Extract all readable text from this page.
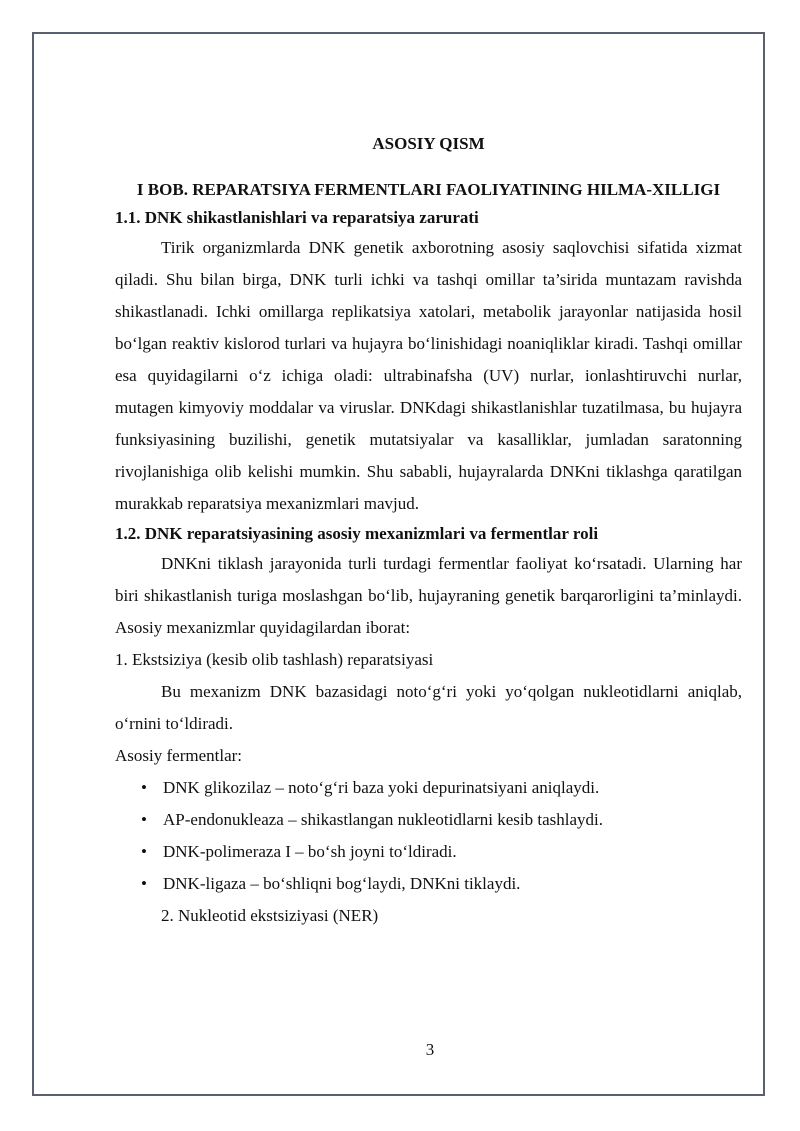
ASOSIY QISM

I BOB. REPARATSIYA FERMENTLARI FAOLIYATINING HILMA-XILLIGI

1.1. DNK shikastlanishlari va reparatsiya zarurati

Tirik organizmlarda DNK genetik axborotning asosiy saqlovchisi sifatida xizmat qiladi. Shu bilan birga, DNK turli ichki va tashqi omillar ta’sirida muntazam ravishda shikastlanadi. Ichki omillarga replikatsiya xatolari, metabolik jarayonlar natijasida hosil bo‘lgan reaktiv kislorod turlari va hujayra bo‘linishidagi noaniqliklar kiradi. Tashqi omillar esa quyidagilarni o‘z ichiga oladi: ultrabinafsha (UV) nurlar, ionlashtiruvchi nurlar, mutagen kimyoviy moddalar va viruslar. DNKdagi shikastlanishlar tuzatilmasa, bu hujayra funksiyasining buzilishi, genetik mutatsiyalar va kasalliklar, jumladan saratonning rivojlanishiga olib kelishi mumkin. Shu sababli, hujayralarda DNKni tiklashga qaratilgan murakkab reparatsiya mexanizmlari mavjud.

1.2. DNK reparatsiyasining asosiy mexanizmlari va fermentlar roli

DNKni tiklash jarayonida turli turdagi fermentlar faoliyat ko‘rsatadi. Ularning har biri shikastlanish turiga moslashgan bo‘lib, hujayraning genetik barqarorligini ta’minlaydi. Asosiy mexanizmlar quyidagilardan iborat:

1. Ekstsiziya (kesib olib tashlash) reparatsiyasi

Bu mexanizm DNK bazasidagi noto‘g‘ri yoki yo‘qolgan nukleotidlarni aniqlab, o‘rnini to‘ldiradi.

Asosiy fermentlar:

• DNK glikozilaz – noto‘g‘ri baza yoki depurinatsiyani aniqlaydi.
• AP-endonukleaza – shikastlangan nukleotidlarni kesib tashlaydi.
• DNK-polimeraza I – bo‘sh joyni to‘ldiradi.
• DNK-ligaza – bo‘shliqni bog‘laydi, DNKni tiklaydi.

2. Nukleotid ekstsiziyasi (NER)

3
